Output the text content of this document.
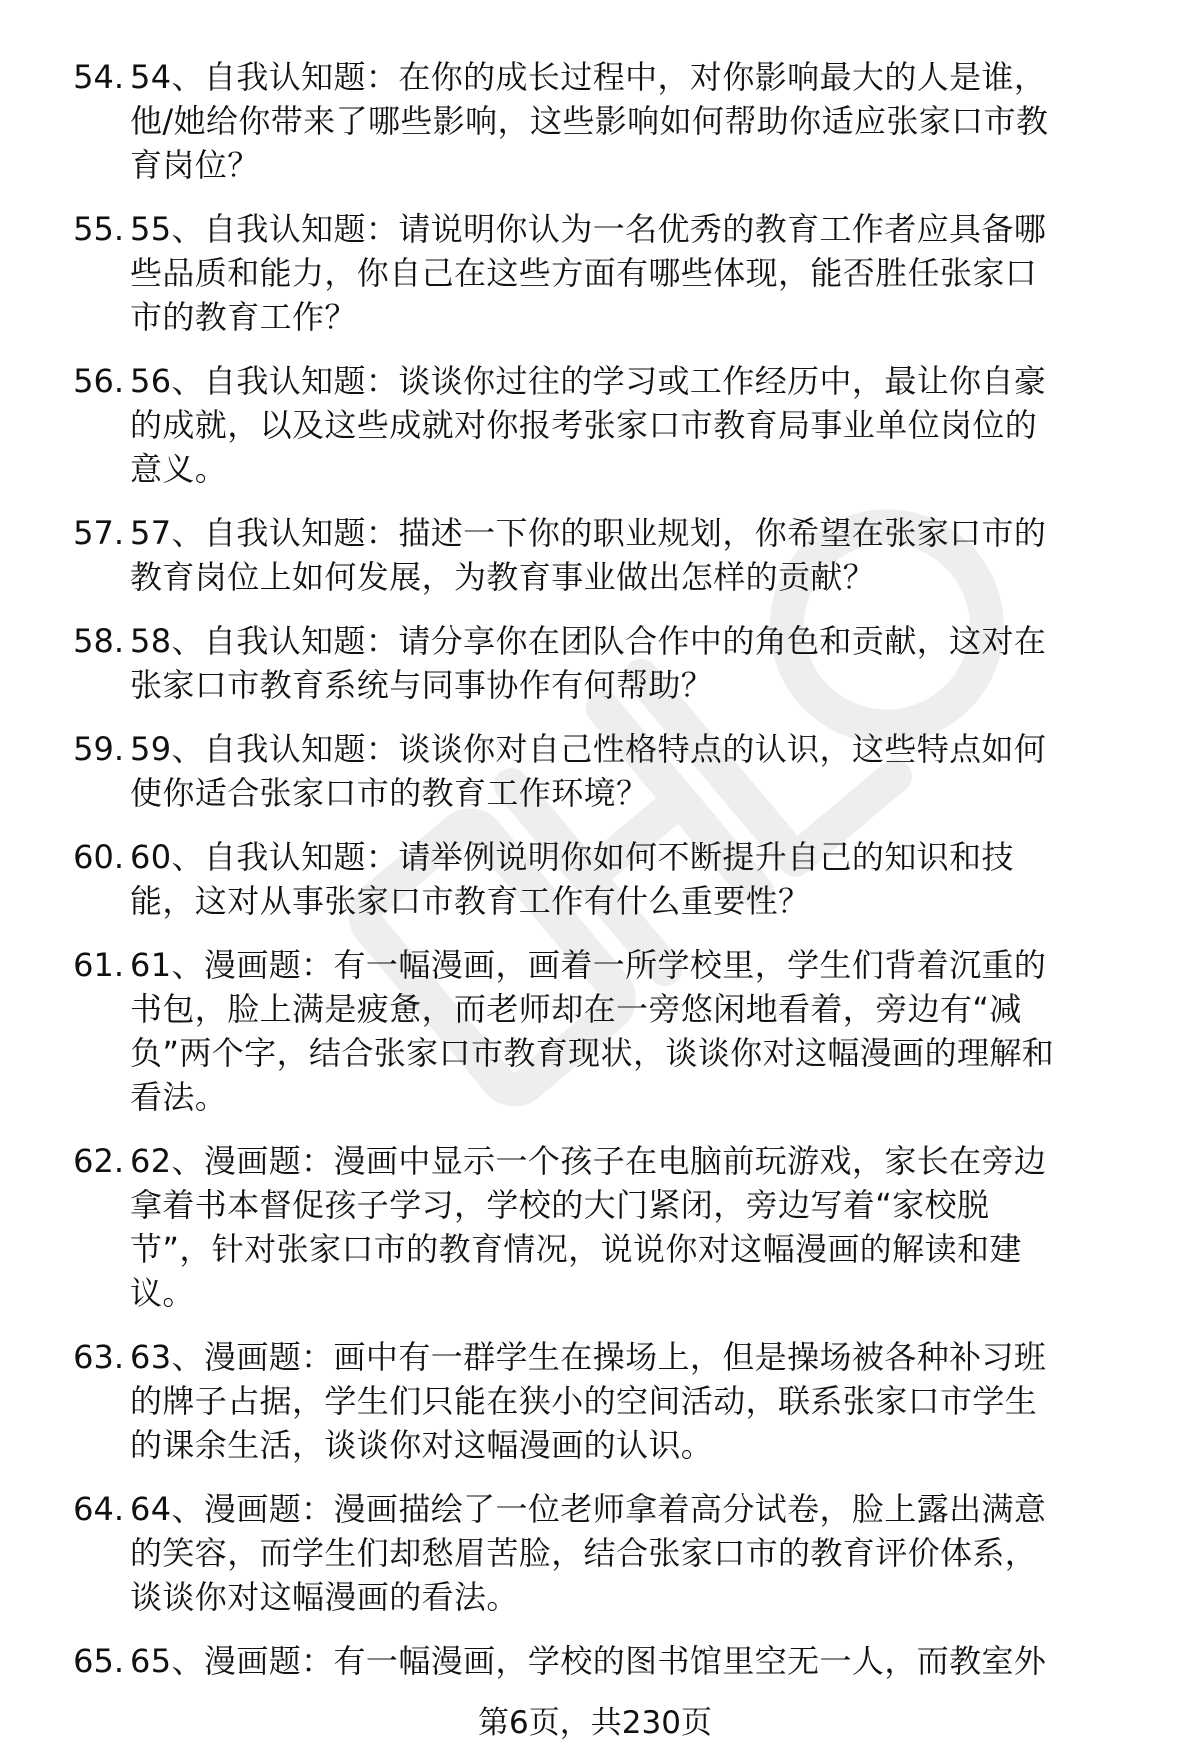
54. 54、自我认知题：在你的成长过程中，对你影响最大的人是谁，
他/她给你带来了哪些影响，这些影响如何帮助你适应张家口市教
育岗位？
55. 55、自我认知题：请说明你认为一名优秀的教育工作者应具备哪
些品质和能力，你自己在这些方面有哪些体现，能否胜任张家口
市的教育工作？
56. 56、自我认知题：谈谈你过往的学习或工作经历中，最让你自豪
的成就，以及这些成就对你报考张家口市教育局事业单位岗位的
意义。
57. 57、自我认知题：描述一下你的职业规划，你希望在张家口市的
教育岗位上如何发展，为教育事业做出怎样的贡献？
58. 58、自我认知题：请分享你在团队合作中的角色和贡献，这对在
张家口市教育系统与同事协作有何帮助？
59. 59、自我认知题：谈谈你对自己性格特点的认识，这些特点如何
使你适合张家口市的教育工作环境？
60. 60、自我认知题：请举例说明你如何不断提升自己的知识和技
能，这对从事张家口市教育工作有什么重要性？
61. 61、漫画题：有一幅漫画，画着一所学校里，学生们背着沉重的
书包，脸上满是疲惫，而老师却在一旁悠闲地看着，旁边有“减
负”两个字，结合张家口市教育现状，谈谈你对这幅漫画的理解和
看法。
62. 62、漫画题：漫画中显示一个孩子在电脑前玩游戏，家长在旁边
拿着书本督促孩子学习，学校的大门紧闭，旁边写着“家校脱
节”，针对张家口市的教育情况，说说你对这幅漫画的解读和建
议。
63. 63、漫画题：画中有一群学生在操场上，但是操场被各种补习班
的牌子占据，学生们只能在狭小的空间活动，联系张家口市学生
的课余生活，谈谈你对这幅漫画的认识。
64. 64、漫画题：漫画描绘了一位老师拿着高分试卷，脸上露出满意
的笑容，而学生们却愁眉苦脸，结合张家口市的教育评价体系，
谈谈你对这幅漫画的看法。
65. 65、漫画题：有一幅漫画，学校的图书馆里空无一人，而教室外
第6页，共230页
